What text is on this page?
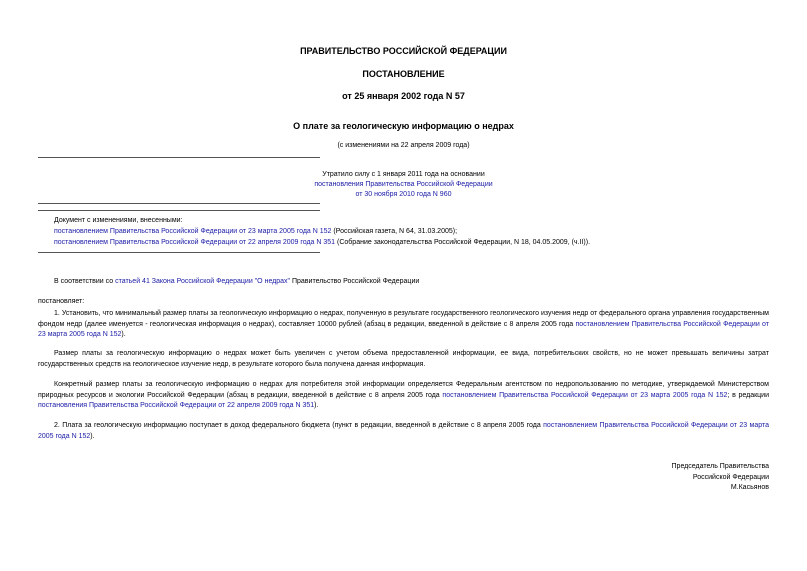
ПРАВИТЕЛЬСТВО РОССИЙСКОЙ ФЕДЕРАЦИИ
ПОСТАНОВЛЕНИЕ
от 25 января 2002 года N 57
О плате за геологическую информацию о недрах
(с изменениями на 22 апреля 2009 года)
Утратило силу с 1 января 2011 года на основании
постановления Правительства Российской Федерации
от 30 ноября 2010 года N 960
Документ с изменениями, внесенными:
постановлением Правительства Российской Федерации от 23 марта 2005 года N 152 (Российская газета, N 64, 31.03.2005);
постановлением Правительства Российской Федерации от 22 апреля 2009 года N 351 (Собрание законодательства Российской Федерации, N 18, 04.05.2009, (ч.II)).
В соответствии со статьей 41 Закона Российской Федерации "О недрах" Правительство Российской Федерации
постановляет:
1. Установить, что минимальный размер платы за геологическую информацию о недрах, полученную в результате государственного геологического изучения недр от федерального органа управления государственным фондом недр (далее именуется - геологическая информация о недрах), составляет 10000 рублей (абзац в редакции, введенной в действие с 8 апреля 2005 года постановлением Правительства Российской Федерации от 23 марта 2005 года N 152).
Размер платы за геологическую информацию о недрах может быть увеличен с учетом объема предоставленной информации, ее вида, потребительских свойств, но не может превышать величины затрат государственных средств на геологическое изучение недр, в результате которого была получена данная информация.
Конкретный размер платы за геологическую информацию о недрах для потребителя этой информации определяется Федеральным агентством по недропользованию по методике, утверждаемой Министерством природных ресурсов и экологии Российской Федерации (абзац в редакции, введенной в действие с 8 апреля 2005 года постановлением Правительства Российской Федерации от 23 марта 2005 года N 152; в редакции постановления Правительства Российской Федерации от 22 апреля 2009 года N 351).
2. Плата за геологическую информацию поступает в доход федерального бюджета (пункт в редакции, введенной в действие с 8 апреля 2005 года постановлением Правительства Российской Федерации от 23 марта 2005 года N 152).
Председатель Правительства
Российской Федерации
М.Касьянов
